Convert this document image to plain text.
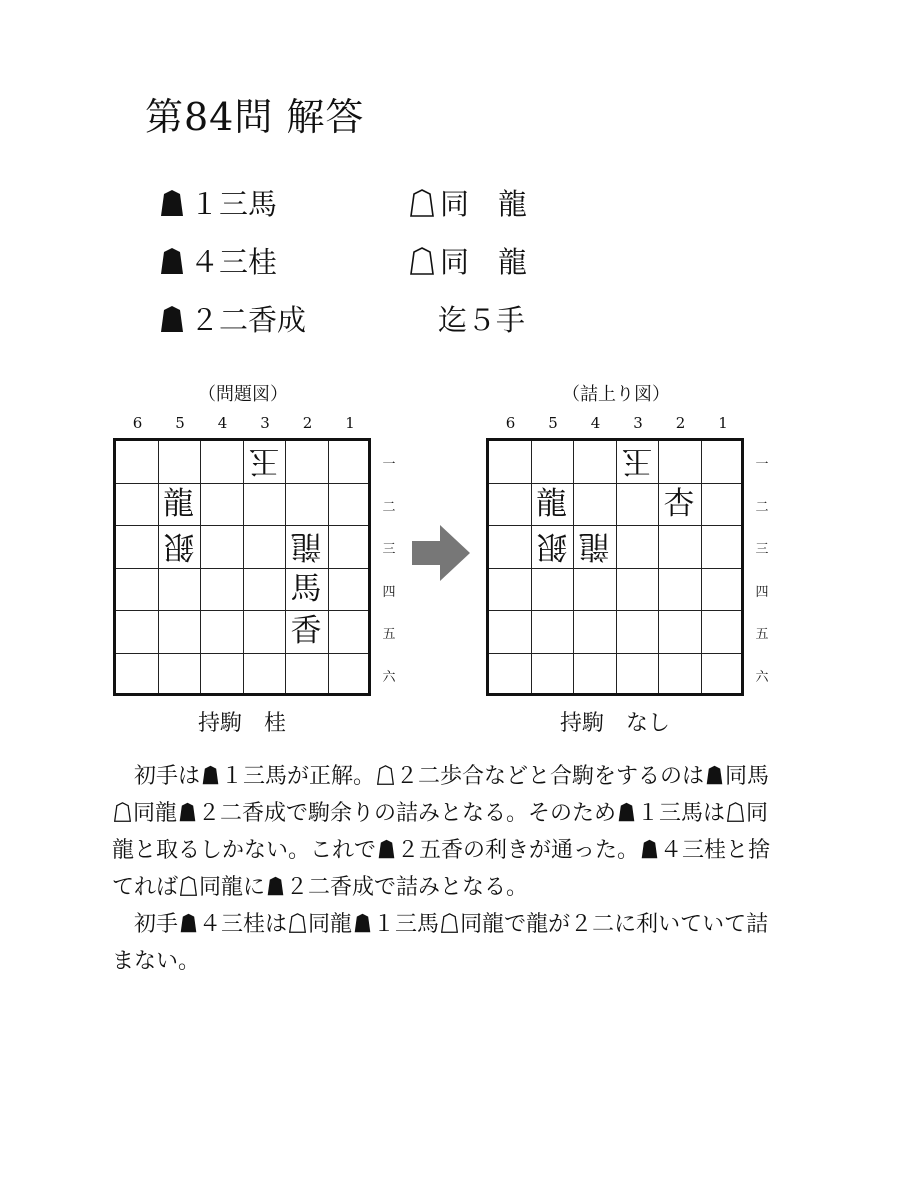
第84問 解答
１三馬	同　龍
４三桂	同　龍
２二香成	迄５手
（問題図）
6	5	4	3	2	1
玉
龍
銀	龍
馬
香
一
二
三
四
五
六
持駒　桂
（詰上り図）
6	5	4	3	2	1
玉
龍	杏
銀 龍
一
二
三
四
五
六
持駒　なし

初手は １三馬が正解。 ２二歩合などと合駒をするのは 同馬同龍 ２二香成で駒余りの詰みとなる。そのため １三馬は 同龍と取るしかない。これで ２五香の利きが通った。 ４三桂と捨てれば 同龍に ２二香成で詰みとなる。

初手 ４三桂は 同龍 １三馬 同龍で龍が２二に利いていて詰まない。
